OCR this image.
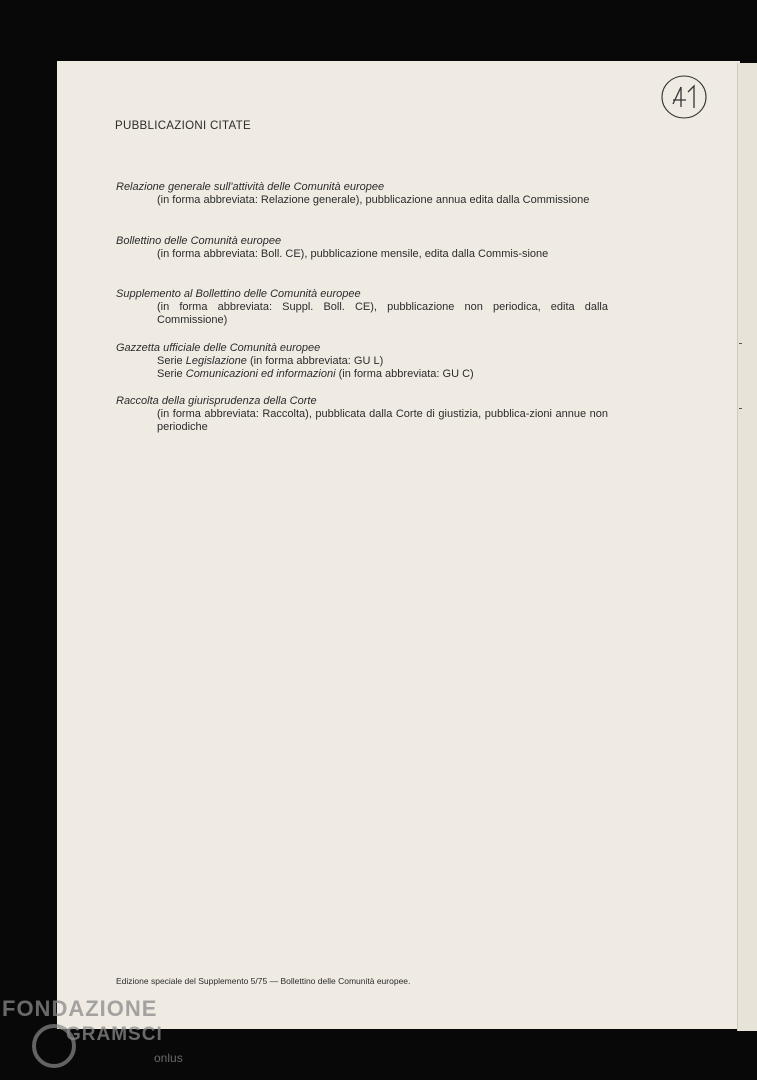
PUBBLICAZIONI CITATE
Relazione generale sull'attività delle Comunità europee
(in forma abbreviata: Relazione generale), pubblicazione annua edita dalla Commissione
Bollettino delle Comunità europee
(in forma abbreviata: Boll. CE), pubblicazione mensile, edita dalla Commis-sione
Supplemento al Bollettino delle Comunità europee
(in forma abbreviata: Suppl. Boll. CE), pubblicazione non periodica, edita dalla Commissione)
Gazzetta ufficiale delle Comunità europee
Serie Legislazione (in forma abbreviata: GU L)
Serie Comunicazioni ed informazioni (in forma abbreviata: GU C)
Raccolta della giurisprudenza della Corte
(in forma abbreviata: Raccolta), pubblicata dalla Corte di giustizia, pubblica-zioni annue non periodiche
Edizione speciale del Supplemento 5/75 — Bollettino delle Comunità europee.
FONDAZIONE
GRAMSCI
onlus
